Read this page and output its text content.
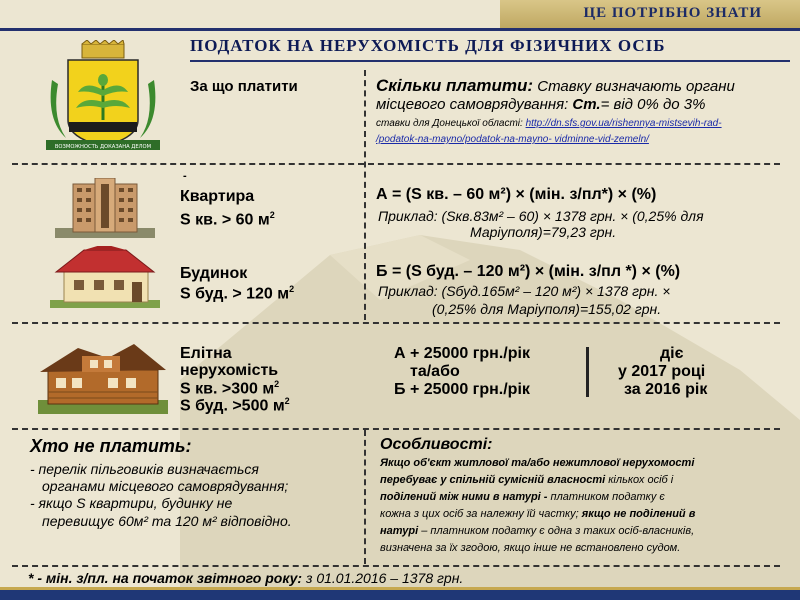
ЦЕ ПОТРІБНО ЗНАТИ
ПОДАТОК НА НЕРУХОМІСТЬ ДЛЯ ФІЗИЧНИХ ОСІБ
ВОЗМОЖНОСТЬ ДОКАЗАНА ДЕЛОМ
За що платити
-
Квартира
S кв. > 60 $м^2$
Будинок
S буд. > 120 $м^2$
Елітна
нерухомість
S кв. >300 $м^2$
S буд. >500 $м^2$
Скільки платити: Ставку визначають органи
місцевого самоврядування: Ст.= від 0% до 3%
ставки для Донецької області: http://dn.sfs.gov.ua/rishennya-mistsevih-rad-
/podatok-na-mayno/podatok-na-mayno- vidminne-vid-zemeln/
А = (S кв. – 60 м²) × (мін. з/пл*) × (%)
Приклад: (Sкв.83м² – 60) × 1378 грн. × (0,25% для
Маріуполя)=79,23 грн.
Б = (S буд. – 120 м²) × (мін. з/пл *) × (%)
Приклад: (Sбуд.165м² – 120 м²) × 1378 грн. ×
(0,25% для Маріуполя)=155,02 грн.
А + 25000 грн./рік
та/або
Б + 25000 грн./рік
діє
у 2017 році
за 2016 рік
Хто не платить:
- перелік пільговиків визначається
органами місцевого самоврядування;
- якщо S квартири, будинку не
перевищує 60м² та 120 м² відповідно.
Особливості:
Якщо об'єкт житлової та/або нежитлової нерухомості
перебуває у спільній сумісній власності кількох осіб і
поділений між ними в натурі - платником податку є
кожна з цих осіб за належну їй частку; якщо не поділений в
натурі – платником податку є одна з таких осіб-власників,
визначена за їх згодою, якщо інше не встановлено судом.
* - мін. з/пл. на початок звітного року: з 01.01.2016 – 1378 грн.
